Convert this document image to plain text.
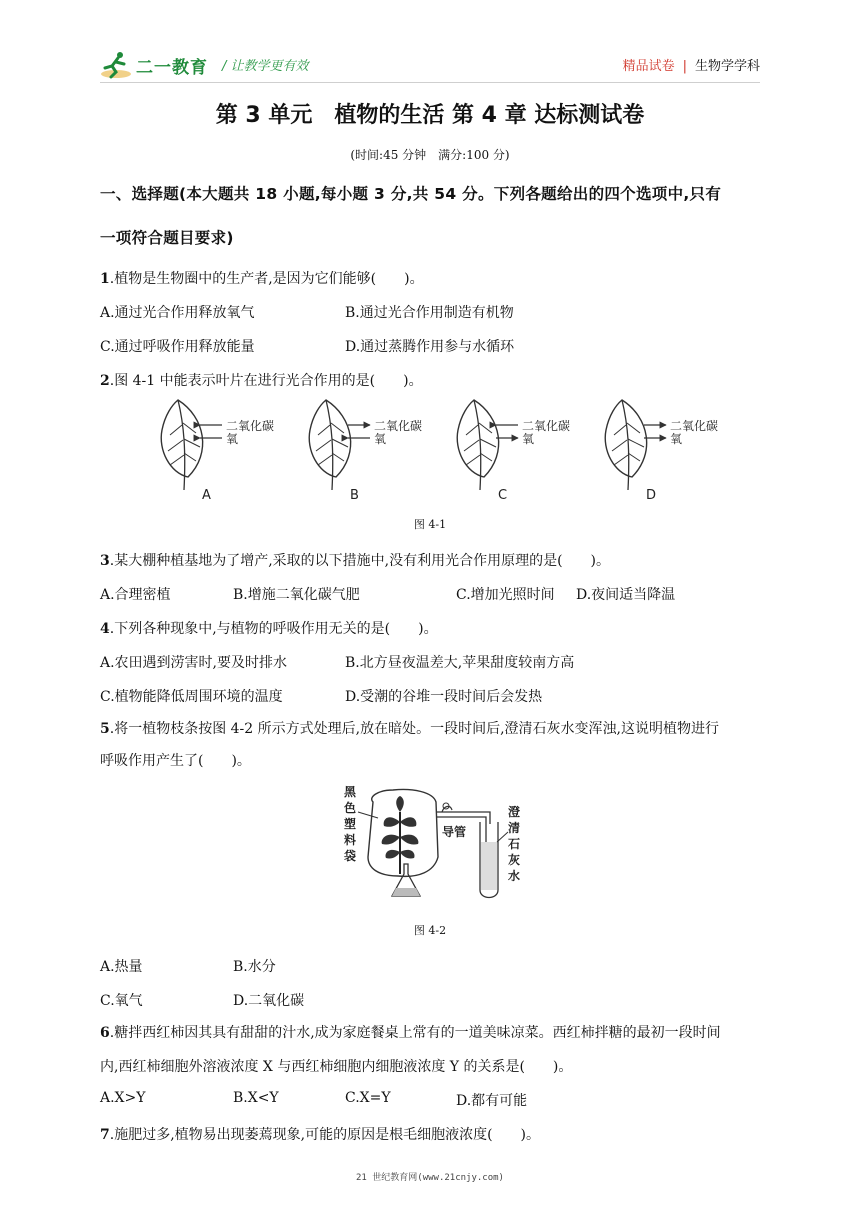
二一教育 / 让教学更有效	精品试卷 | 生物学学科
第 3 单元　植物的生活 第 4 章 达标测试卷
(时间:45 分钟　满分:100 分)
一、选择题(本大题共 18 小题,每小题 3 分,共 54 分。下列各题给出的四个选项中,只有
一项符合题目要求)
1.植物是生物圈中的生产者,是因为它们能够(　　)。
A.通过光合作用释放氧气	B.通过光合作用制造有机物
C.通过呼吸作用释放能量	D.通过蒸腾作用参与水循环
2.图 4-1 中能表示叶片在进行光合作用的是(　　)。
二氧化碳
氧
二氧化碳
氧
二氧化碳
氧
二氧化碳
氧
A	B	C	D
图 4-1
3.某大棚种植基地为了增产,采取的以下措施中,没有利用光合作用原理的是(　　)。
A.合理密植	B.增施二氧化碳气肥	C.增加光照时间 D.夜间适当降温
4.下列各种现象中,与植物的呼吸作用无关的是(　　)。
A.农田遇到涝害时,要及时排水	B.北方昼夜温差大,苹果甜度较南方高
C.植物能降低周围环境的温度	D.受潮的谷堆一段时间后会发热
5.将一植物枝条按图 4-2 所示方式处理后,放在暗处。一段时间后,澄清石灰水变浑浊,这说明植物进行
呼吸作用产生了(　　)。
黑
色
塑
料
袋
导管
澄
清
石
灰
水
图 4-2
A.热量	B.水分
C.氧气	D.二氧化碳
6.糖拌西红柿因其具有甜甜的汁水,成为家庭餐桌上常有的一道美味凉菜。西红柿拌糖的最初一段时间
内,西红柿细胞外溶液浓度 X 与西红柿细胞内细胞液浓度 Y 的关系是(　　)。
A.X>Y	B.X<Y	C.X=Y	D.都有可能
7.施肥过多,植物易出现萎蔫现象,可能的原因是根毛细胞液浓度(　　)。
21 世纪教育网(www.21cnjy.com)
